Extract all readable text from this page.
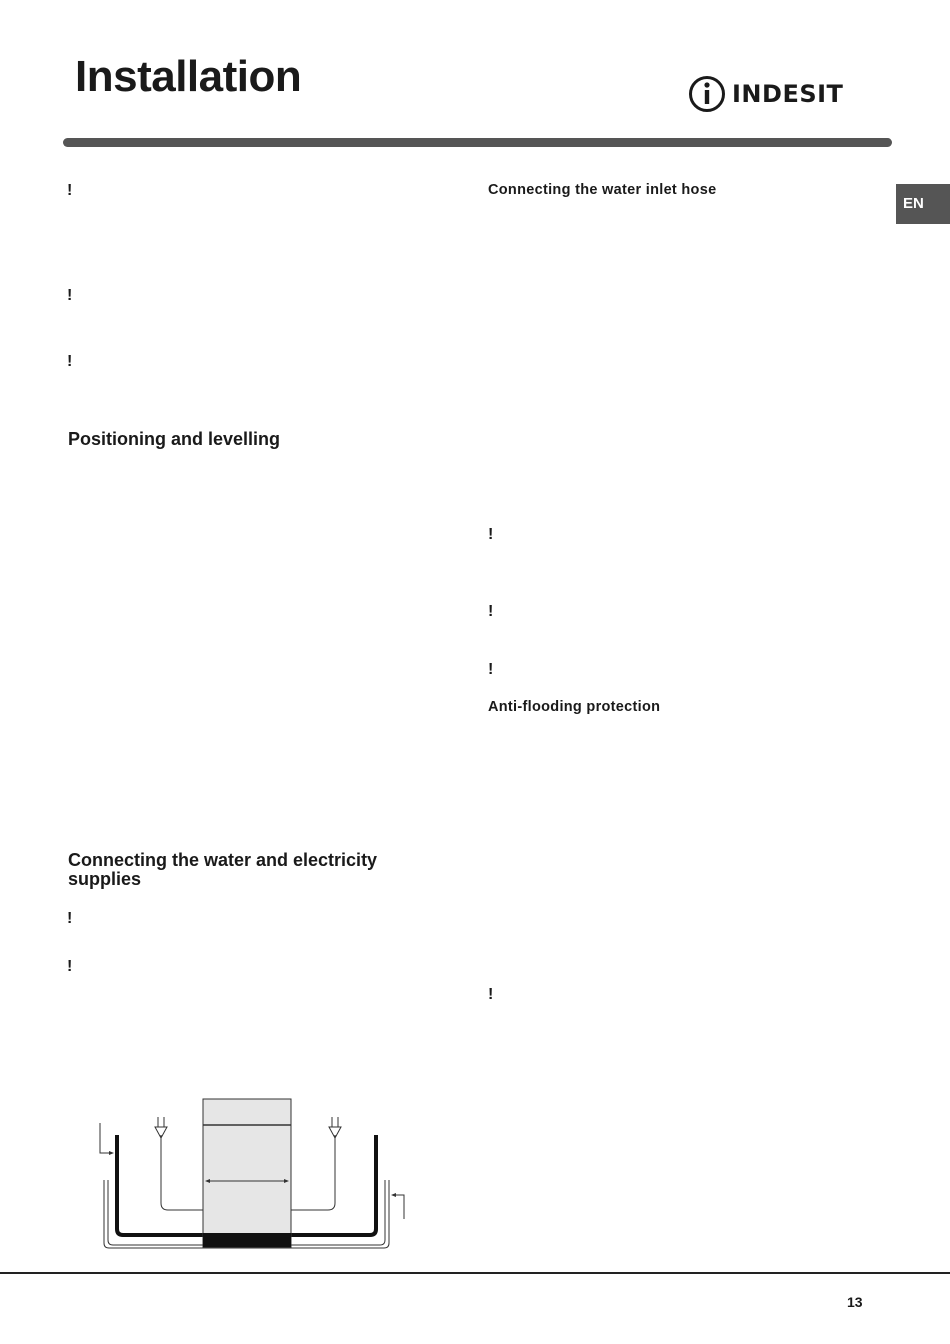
Installation	INDESIT
EN
!
!
!
Positioning and levelling
Connecting the water and electricity supplies
!
!
Connecting the water inlet hose
!
!
!
Anti-flooding protection
!
13
